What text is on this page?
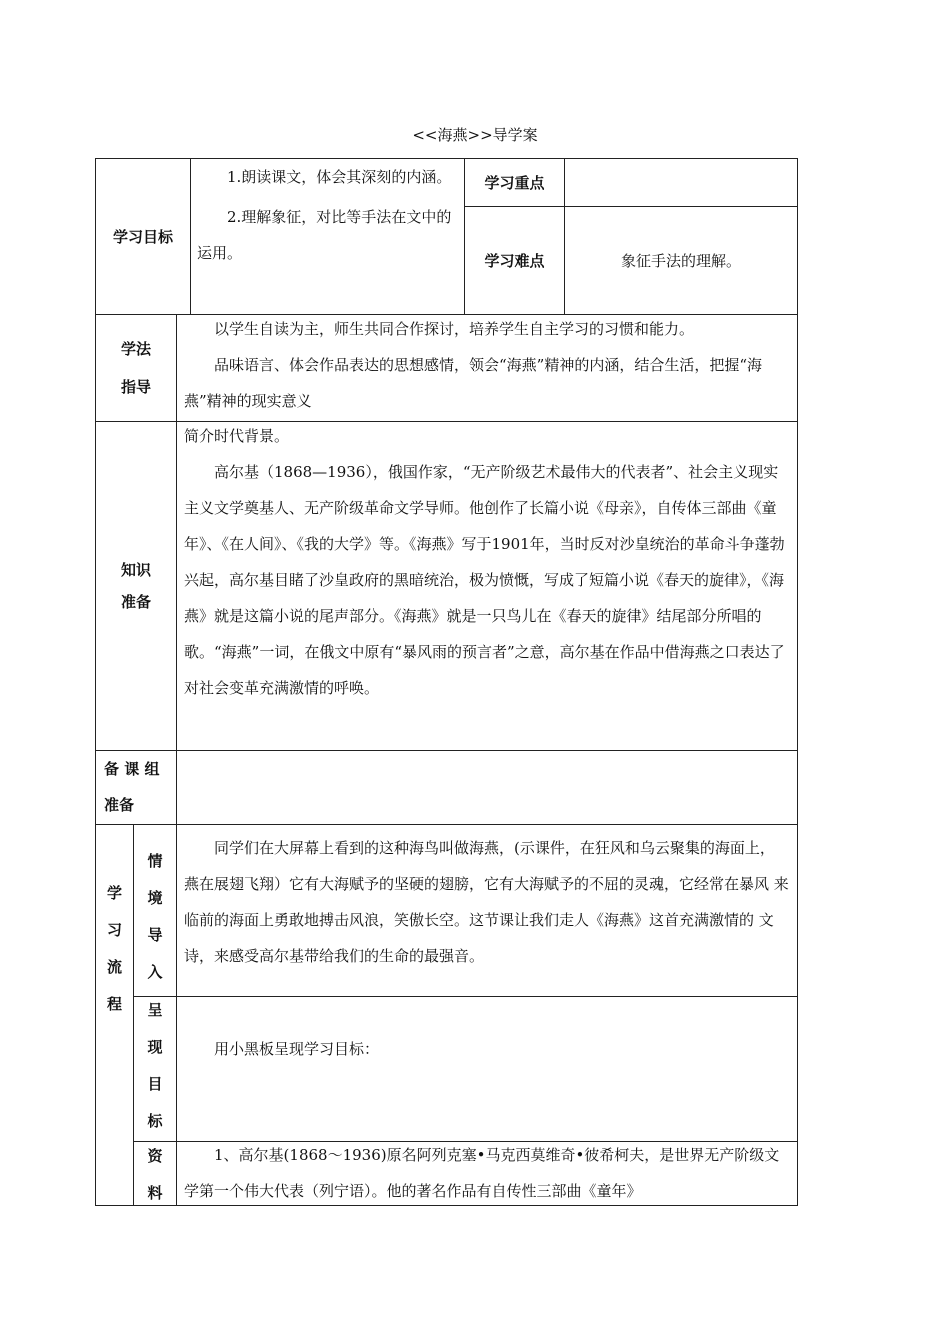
<<海燕>>导学案
学习目标

1.朗读课文，体会其深刻的内涵。

2.理解象征，对比等手法在文中的运用。

学习重点
学习难点	象征手法的理解。
学法
指导

以学生自读为主，师生共同合作探讨，培养学生自主学习的习惯和能力。

品味语言、体会作品表达的思想感情，领会“海燕”精神的内涵，结合生活，把握“海燕”精神的现实意义

知识
准备

简介时代背景。

高尔基（1868—1936），俄国作家，“无产阶级艺术最伟大的代表者”、社会主义现实主义文学奠基人、无产阶级革命文学导师。他创作了长篇小说《母亲》，自传体三部曲《童年》、《在人间》、《我的大学》等。《海燕》写于1901年，当时反对沙皇统治的革命斗争蓬勃兴起，高尔基目睹了沙皇政府的黑暗统治，极为愤慨，写成了短篇小说《春天的旋律》，《海燕》就是这篇小说的尾声部分。《海燕》就是一只鸟儿在《春天的旋律》结尾部分所唱的歌。“海燕”一词，在俄文中原有“暴风雨的预言者”之意，高尔基在作品中借海燕之口表达了对社会变革充满激情的呼唤。

备 课 组
准备
学
习
流
程
情
境
导
入

同学们在大屏幕上看到的这种海鸟叫做海燕，(示课件，在狂风和乌云聚集的海面上， 燕在展翅飞翔）它有大海赋予的坚硬的翅膀，它有大海赋予的不屈的灵魂，它经常在暴风 来临前的海面上勇敢地搏击风浪，笑傲长空。这节课让我们走人《海燕》这首充满激情的 文诗，来感受高尔基带给我们的生命的最强音。

呈
现
目
标

用小黑板呈现学习目标：

资
料

1、高尔基(1868～1936)原名阿列克塞•马克西莫维奇•彼希柯夫，是世界无产阶级文学第一个伟大代表（列宁语）。他的著名作品有自传性三部曲《童年》
